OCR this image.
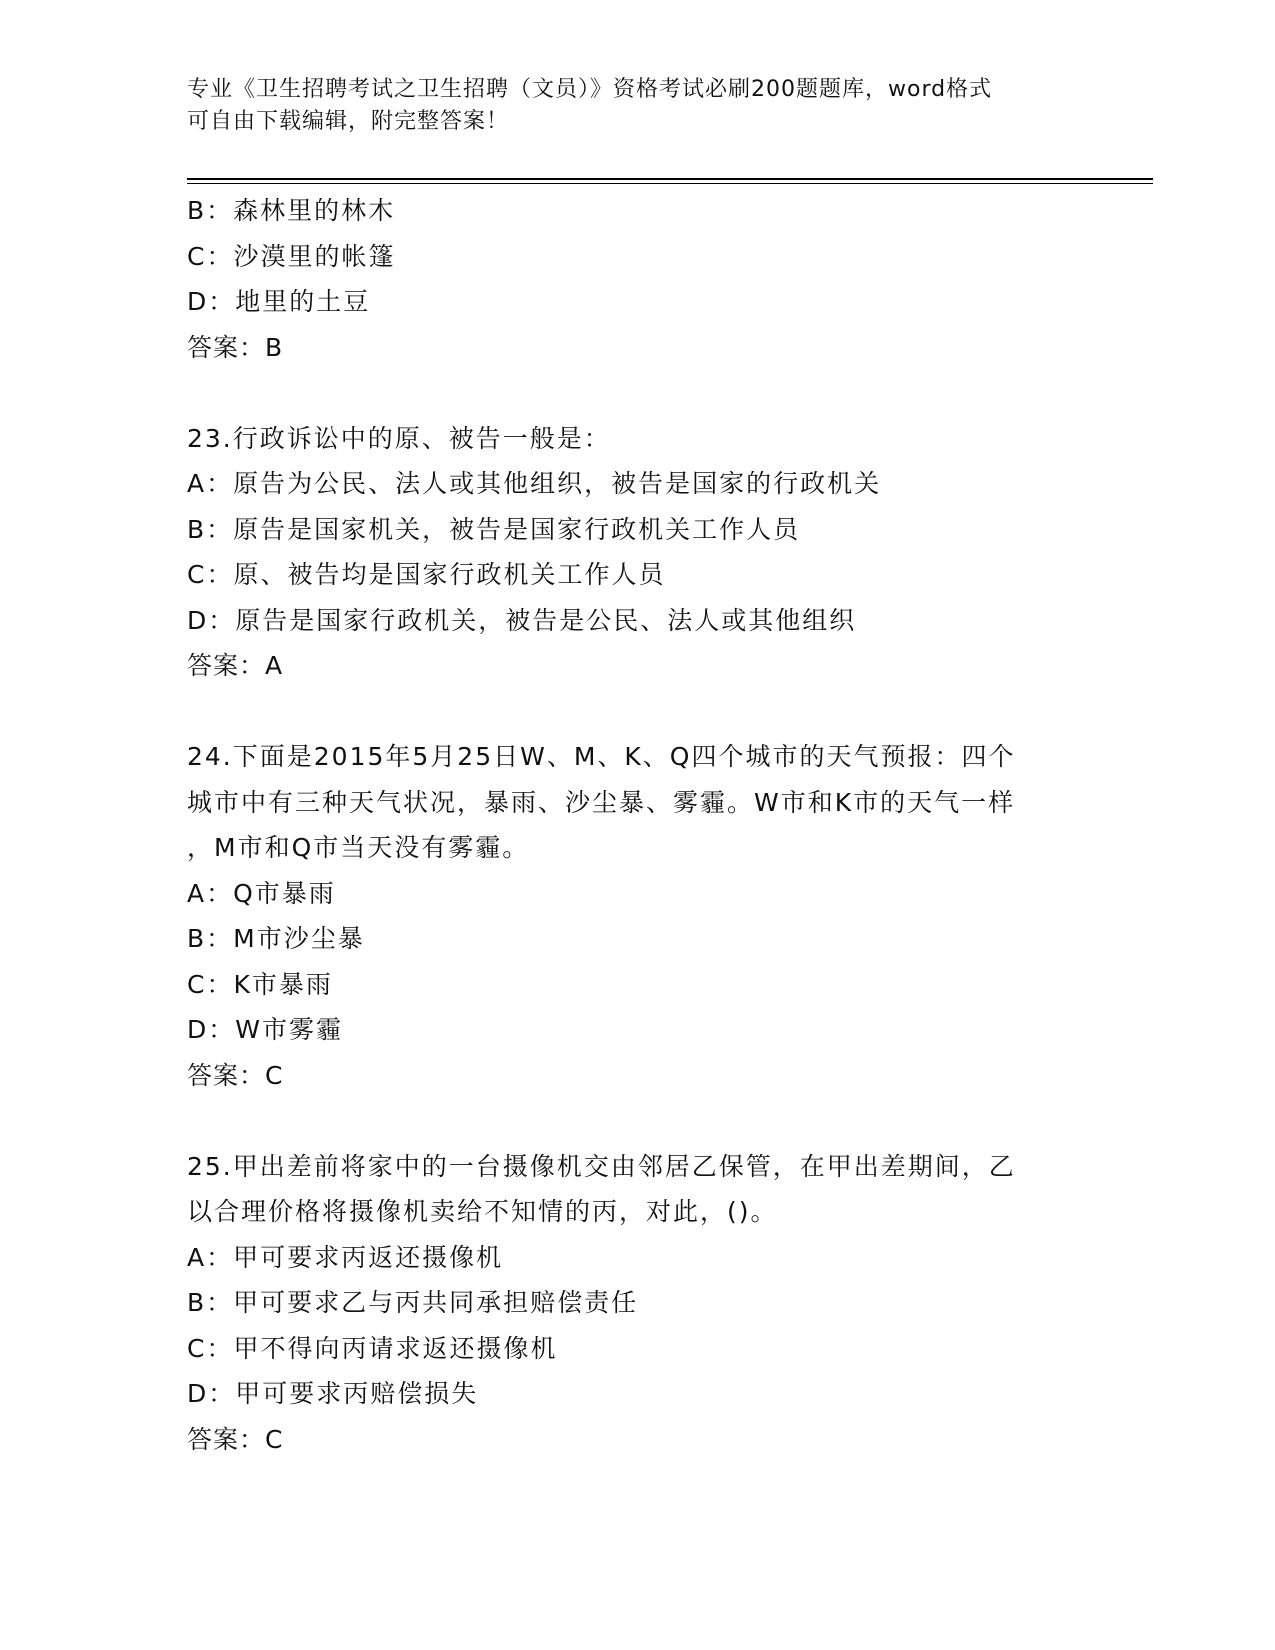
专业《卫生招聘考试之卫生招聘（文员）》资格考试必刷200题题库，word格式
可自由下载编辑，附完整答案！

B：森林里的林木

C：沙漠里的帐篷

D：地里的土豆

答案：B

23.行政诉讼中的原、被告一般是：

A：原告为公民、法人或其他组织，被告是国家的行政机关

B：原告是国家机关，被告是国家行政机关工作人员

C：原、被告均是国家行政机关工作人员

D：原告是国家行政机关，被告是公民、法人或其他组织

答案：A

24.下面是2015年5月25日W、M、K、Q四个城市的天气预报：四个

城市中有三种天气状况，暴雨、沙尘暴、雾霾。W市和K市的天气一样

，M市和Q市当天没有雾霾。

A：Q市暴雨

B：M市沙尘暴

C：K市暴雨

D：W市雾霾

答案：C

25.甲出差前将家中的一台摄像机交由邻居乙保管，在甲出差期间，乙

以合理价格将摄像机卖给不知情的丙，对此，()。

A：甲可要求丙返还摄像机

B：甲可要求乙与丙共同承担赔偿责任

C：甲不得向丙请求返还摄像机

D：甲可要求丙赔偿损失

答案：C
